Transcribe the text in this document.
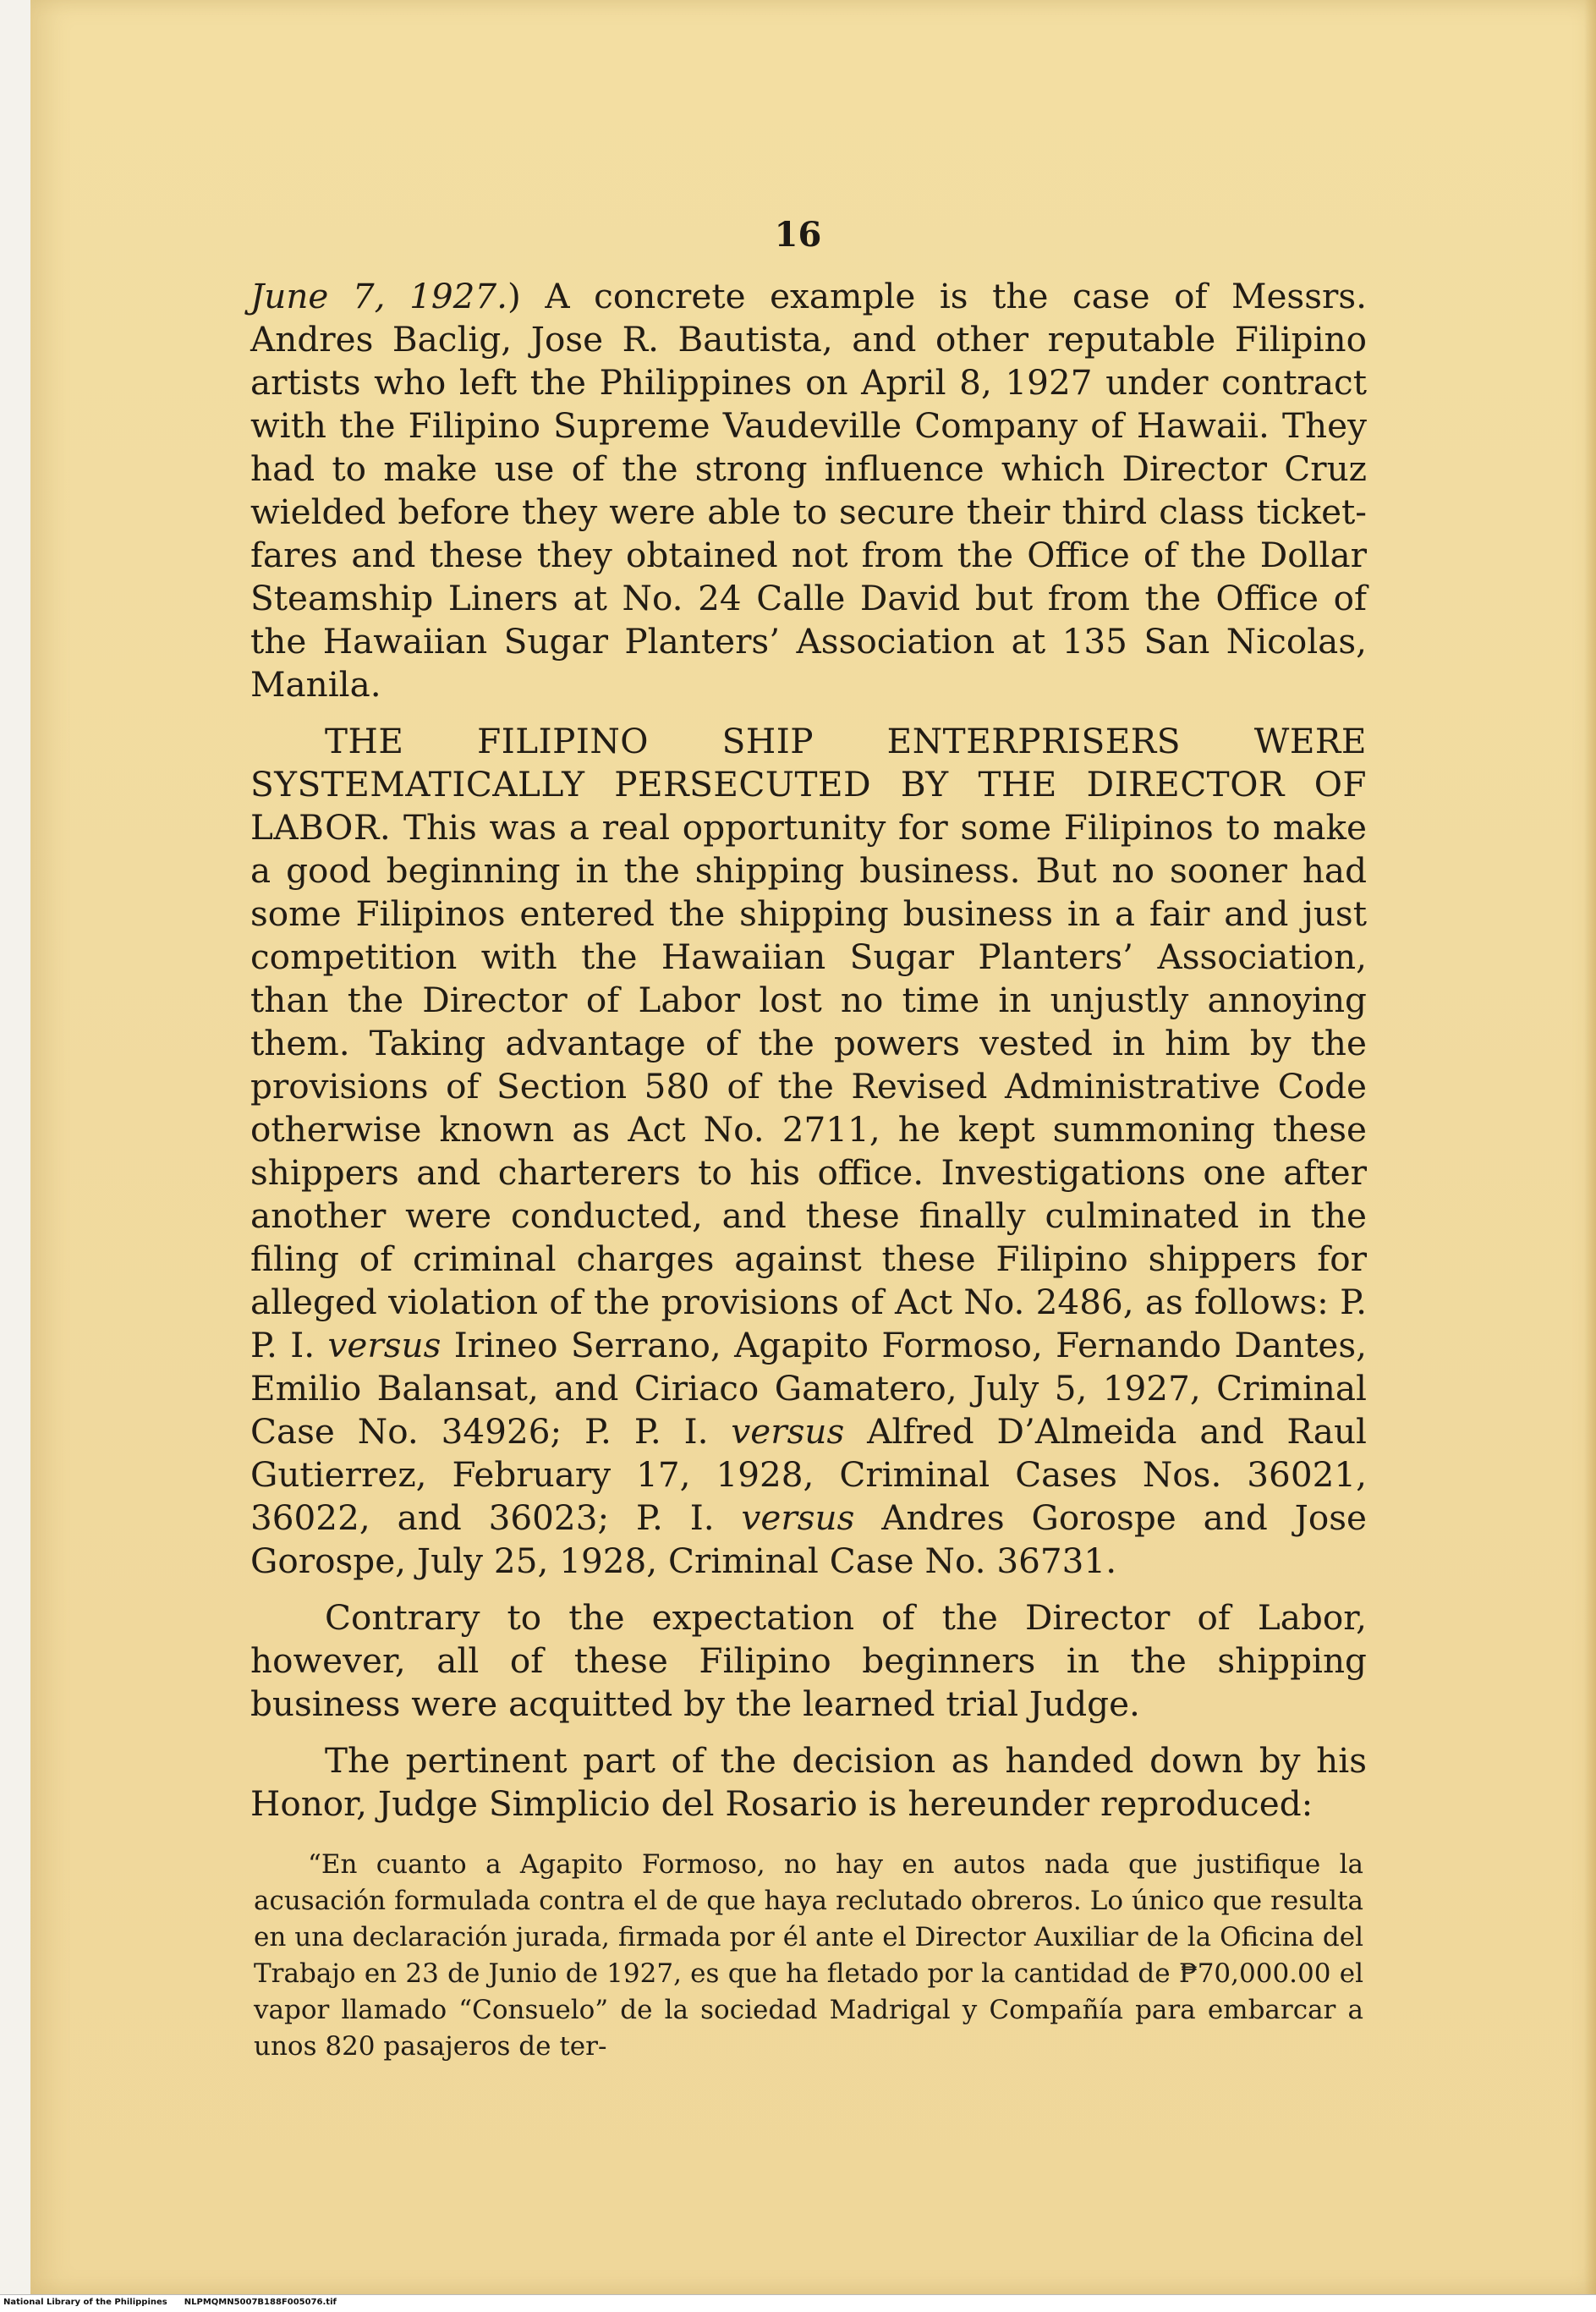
16

June 7, 1927.) A concrete example is the case of Messrs. Andres Baclig, Jose R. Bautista, and other reputable Filipino artists who left the Philippines on April 8, 1927 under contract with the Filipino Supreme Vaudeville Company of Hawaii. They had to make use of the strong influence which Director Cruz wielded before they were able to secure their third class ticket-fares and these they obtained not from the Office of the Dollar Steamship Liners at No. 24 Calle David but from the Office of the Hawaiian Sugar Planters’ Association at 135 San Nicolas, Manila.

THE FILIPINO SHIP ENTERPRISERS WERE SYSTEMATICALLY PERSECUTED BY THE DIRECTOR OF LABOR. This was a real opportunity for some Filipinos to make a good beginning in the shipping business. But no sooner had some Filipinos entered the shipping business in a fair and just competition with the Hawaiian Sugar Planters’ Association, than the Director of Labor lost no time in unjustly annoying them. Taking advantage of the powers vested in him by the provisions of Section 580 of the Revised Administrative Code otherwise known as Act No. 2711, he kept summoning these shippers and charterers to his office. Investigations one after another were conducted, and these finally culminated in the filing of criminal charges against these Filipino shippers for alleged violation of the provisions of Act No. 2486, as follows: P. P. I. versus Irineo Serrano, Agapito Formoso, Fernando Dantes, Emilio Balansat, and Ciriaco Gamatero, July 5, 1927, Criminal Case No. 34926; P. P. I. versus Alfred D’Almeida and Raul Gutierrez, February 17, 1928, Criminal Cases Nos. 36021, 36022, and 36023; P. I. versus Andres Gorospe and Jose Gorospe, July 25, 1928, Criminal Case No. 36731.

Contrary to the expectation of the Director of Labor, however, all of these Filipino beginners in the shipping business were acquitted by the learned trial Judge.

The pertinent part of the decision as handed down by his Honor, Judge Simplicio del Rosario is hereunder reproduced:

“En cuanto a Agapito Formoso, no hay en autos nada que justifique la acusación formulada contra el de que haya reclutado obreros. Lo único que resulta en una declaración jurada, firmada por él ante el Director Auxiliar de la Oficina del Trabajo en 23 de Junio de 1927, es que ha fletado por la cantidad de ₱70,000.00 el vapor llamado “Consuelo” de la sociedad Madrigal y Compañía para embarcar a unos 820 pasajeros de ter-

National Library of the Philippines NLPMQMN5007B188F005076.tif
